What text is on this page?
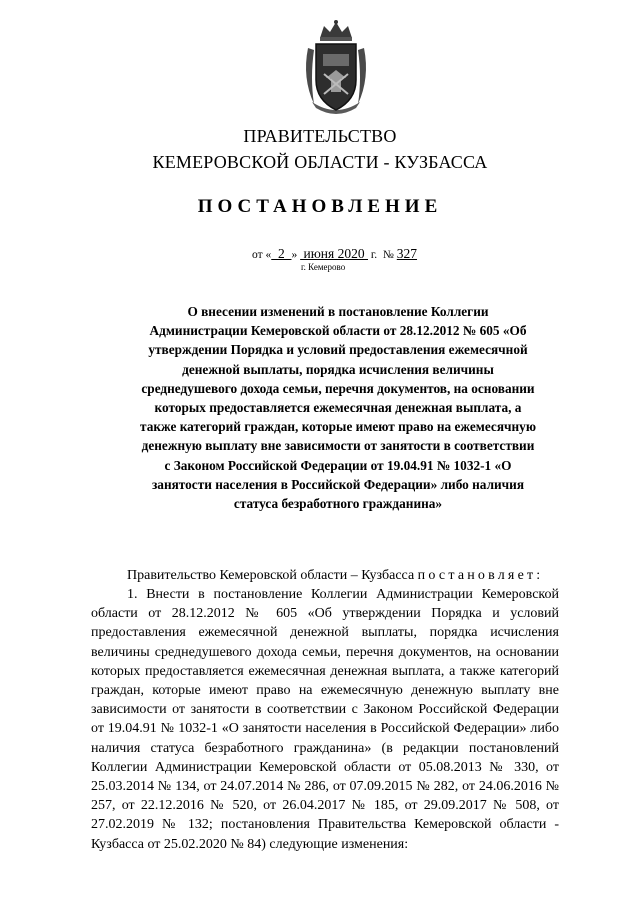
ПРАВИТЕЛЬСТВО
КЕМЕРОВСКОЙ ОБЛАСТИ - КУЗБАССА
ПОСТАНОВЛЕНИЕ
от «  2  »  июня 2020  г. № 327
г. Кемерово
О внесении изменений в постановление Коллегии Администрации Кемеровской области от 28.12.2012 № 605 «Об утверждении Порядка и условий предоставления ежемесячной денежной выплаты, порядка исчисления величины среднедушевого дохода семьи, перечня документов, на основании которых предоставляется ежемесячная денежная выплата, а также категорий граждан, которые имеют право на ежемесячную денежную выплату вне зависимости от занятости в соответствии с Законом Российской Федерации от 19.04.91 № 1032-1 «О занятости населения в Российской Федерации» либо наличия статуса безработного гражданина»
Правительство Кемеровской области – Кузбасса постановляет:
1. Внести в постановление Коллегии Администрации Кемеровской области от 28.12.2012 № 605 «Об утверждении Порядка и условий предоставления ежемесячной денежной выплаты, порядка исчисления величины среднедушевого дохода семьи, перечня документов, на основании которых предоставляется ежемесячная денежная выплата, а также категорий граждан, которые имеют право на ежемесячную денежную выплату вне зависимости от занятости в соответствии с Законом Российской Федерации от 19.04.91 № 1032-1 «О занятости населения в Российской Федерации» либо наличия статуса безработного гражданина» (в редакции постановлений Коллегии Администрации Кемеровской области от 05.08.2013 № 330, от 25.03.2014 № 134, от 24.07.2014 № 286, от 07.09.2015 № 282, от 24.06.2016 № 257, от 22.12.2016 № 520, от 26.04.2017 № 185, от 29.09.2017 № 508, от 27.02.2019 № 132; постановления Правительства Кемеровской области - Кузбасса от 25.02.2020 № 84) следующие изменения:
